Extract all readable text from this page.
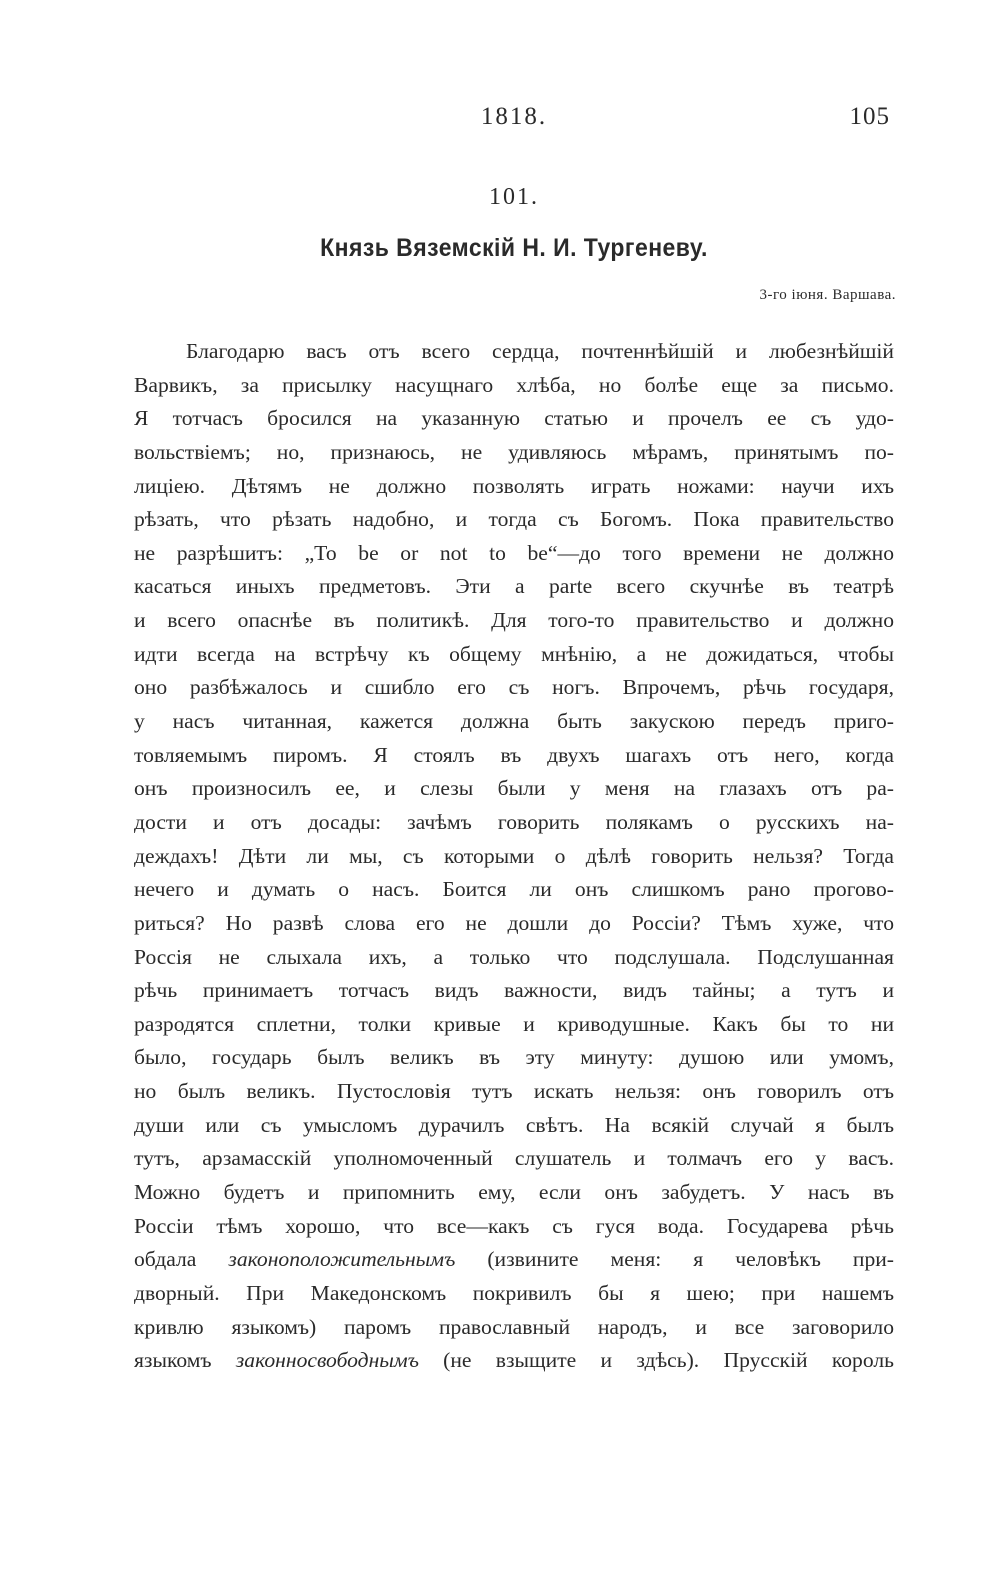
1818.	105
101.
Князь Вяземскій Н. И. Тургеневу.
3-го іюня. Варшава.
Благодарю васъ отъ всего сердца, почтеннѣйшій и любезнѣйшій
Варвикъ, за присылку насущнаго хлѣба, но болѣе еще за письмо.
Я тотчасъ бросился на указанную статью и прочелъ ее съ удо-
вольствіемъ; но, признаюсь, не удивляюсь мѣрамъ, принятымъ по-
лиціею. Дѣтямъ не должно позволять играть ножами: научи ихъ
рѣзать, что рѣзать надобно, и тогда съ Богомъ. Пока правительство
не разрѣшитъ: „To be or not to be“—до того времени не должно
касаться иныхъ предметовъ. Эти a parte всего скучнѣе въ театрѣ
и всего опаснѣе въ политикѣ. Для того-то правительство и должно
идти всегда на встрѣчу къ общему мнѣнію, а не дожидаться, чтобы
оно разбѣжалось и сшибло его съ ногъ. Впрочемъ, рѣчь государя,
у насъ читанная, кажется должна быть закускою передъ приго-
товляемымъ пиромъ. Я стоялъ въ двухъ шагахъ отъ него, когда
онъ произносилъ ее, и слезы были у меня на глазахъ отъ ра-
дости и отъ досады: зачѣмъ говорить полякамъ о русскихъ на-
деждахъ! Дѣти ли мы, съ которыми о дѣлѣ говорить нельзя? Тогда
нечего и думать о насъ. Боится ли онъ слишкомъ рано проговo-
риться? Но развѣ слова его не дошли до Россіи? Тѣмъ хуже, что
Россія не слыхала ихъ, а только что подслушала. Подслушанная
рѣчь принимаетъ тотчасъ видъ важности, видъ тайны; а тутъ и
разродятся сплетни, толки кривые и криводушные. Какъ бы то ни
было, государь былъ великъ въ эту минуту: душою или умомъ,
но былъ великъ. Пустословія тутъ искать нельзя: онъ говорилъ отъ
души или съ умысломъ дурачилъ свѣтъ. На всякій случай я былъ
тутъ, арзамасскій уполномоченный слушатель и толмачъ его у васъ.
Можно будетъ и припомнить ему, если онъ забудетъ. У насъ въ
Россіи тѣмъ хорошо, что все—какъ съ гуся вода. Государева рѣчь
обдала законоположительнымъ (извините меня: я человѣкъ при-
дворный. При Македонскомъ покривилъ бы я шею; при нашемъ
кривлю языкомъ) паромъ православный народъ, и все заговорило
языкомъ законносвободнымъ (не взыщите и здѣсь). Прусскій король
